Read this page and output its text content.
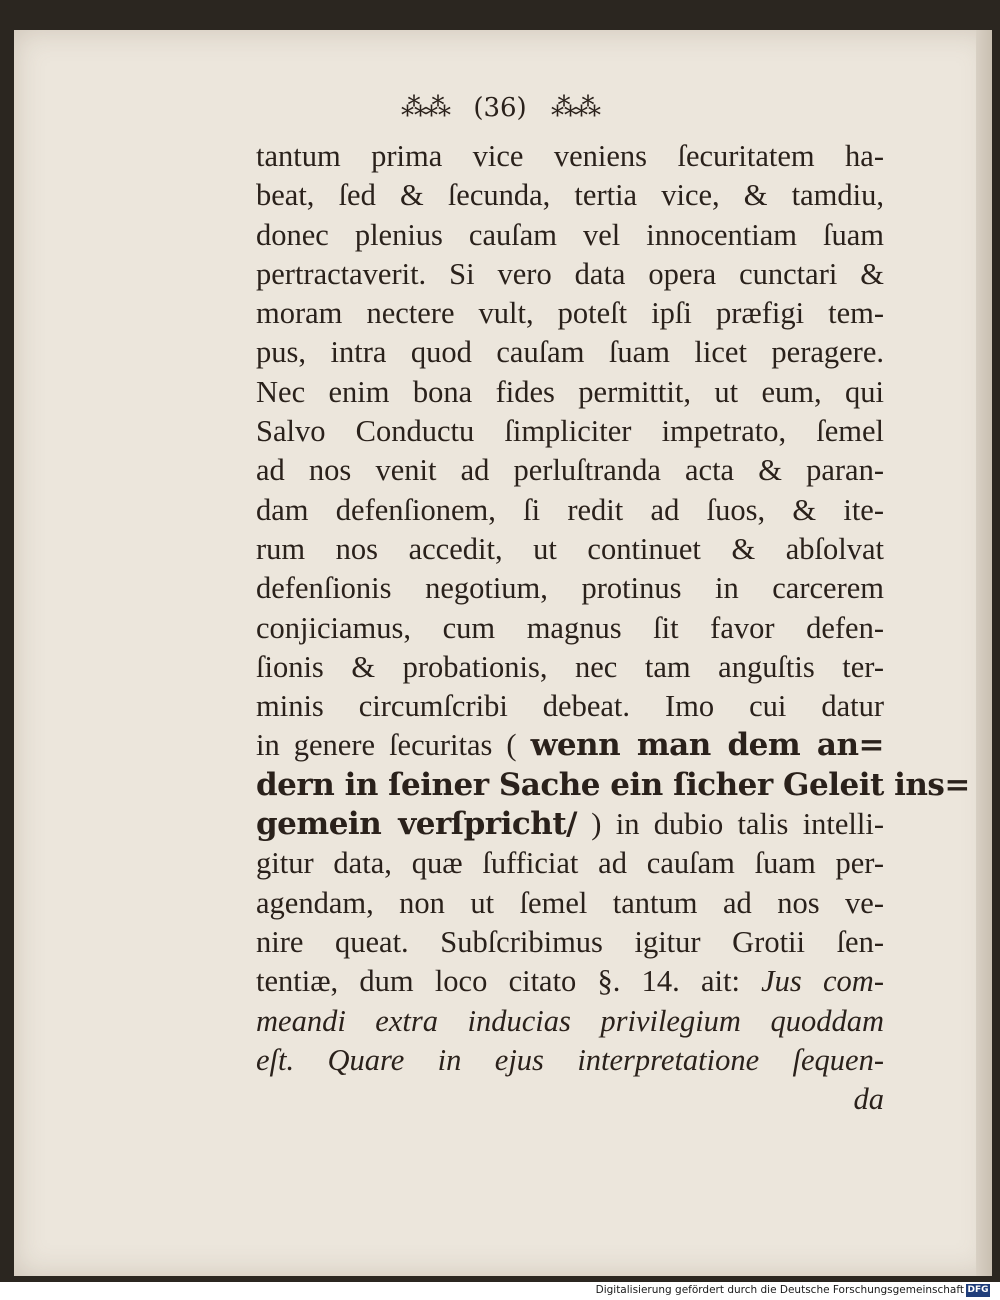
⁂⁂ (36) ⁂⁂
tantum prima vice veniens ſecuritatem ha-
beat, ſed & ſecunda, tertia vice, & tamdiu,
donec plenius cauſam vel innocentiam ſuam
pertractaverit. Si vero data opera cunctari &
moram nectere vult, poteſt ipſi præfigi tem-
pus, intra quod cauſam ſuam licet peragere.
Nec enim bona fides permittit, ut eum, qui
Salvo Conductu ſimpliciter impetrato, ſemel
ad nos venit ad perluſtranda acta & paran-
dam defenſionem, ſi redit ad ſuos, & ite-
rum nos accedit, ut continuet & abſolvat
defenſionis negotium, protinus in carcerem
conjiciamus, cum magnus ſit favor defen-
ſionis & probationis, nec tam anguſtis ter-
minis circumſcribi debeat. Imo cui datur
in genere ſecuritas ( wenn man dem an=
dern in ſeiner Sache ein ſicher Geleit ins=
gemein verſpricht/ ) in dubio talis intelli-
gitur data, quæ ſufficiat ad cauſam ſuam per-
agendam, non ut ſemel tantum ad nos ve-
nire queat. Subſcribimus igitur Grotii ſen-
tentiæ, dum loco citato §. 14. ait: Jus com-
meandi extra inducias privilegium quoddam
eſt. Quare in ejus interpretatione ſequen-
da
Digitalisierung gefördert durch die Deutsche Forschungsgemeinschaft DFG
